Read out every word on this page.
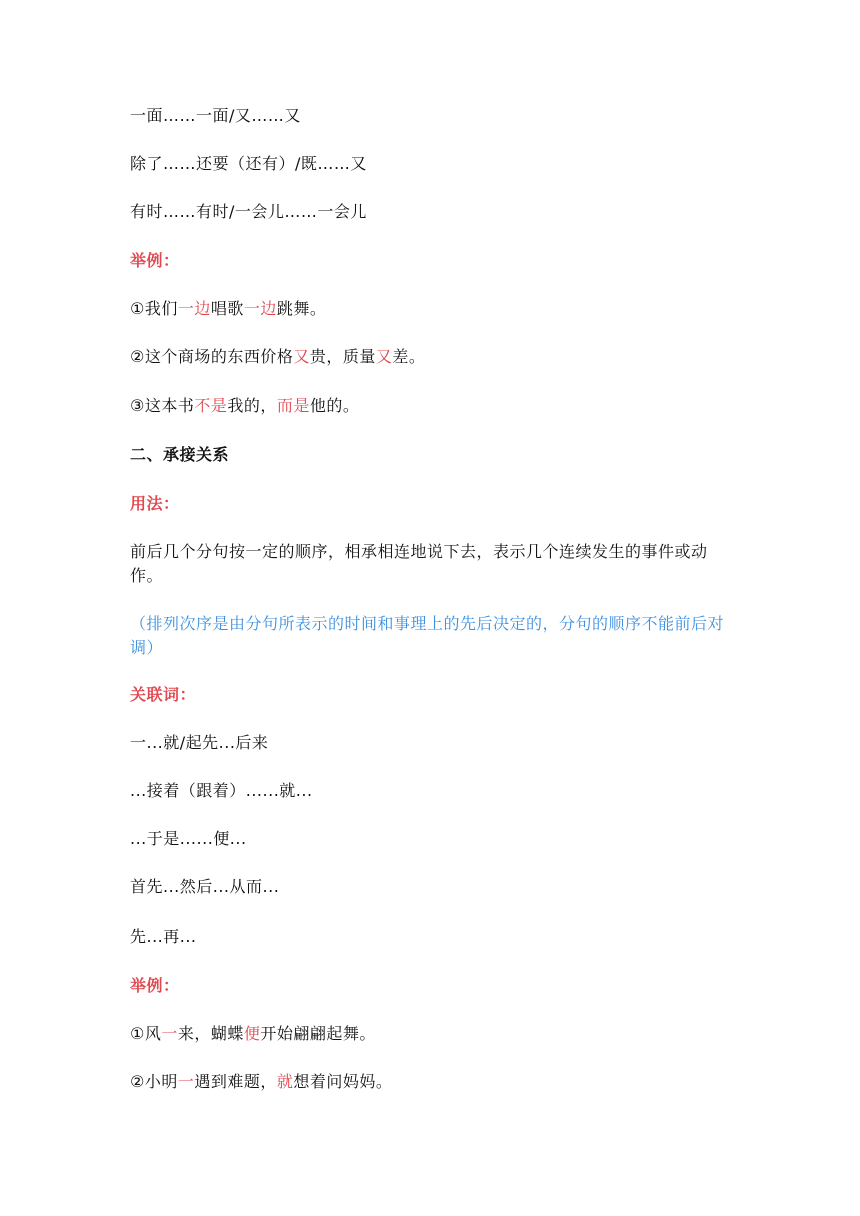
一面……一面/又……又
除了……还要（还有）/既……又
有时……有时/一会儿……一会儿
举例：
①我们一边唱歌一边跳舞。
②这个商场的东西价格又贵，质量又差。
③这本书不是我的，而是他的。
二、承接关系
用法：
前后几个分句按一定的顺序，相承相连地说下去，表示几个连续发生的事件或动作。
（排列次序是由分句所表示的时间和事理上的先后决定的，分句的顺序不能前后对调）
关联词：
一...就/起先...后来
...接着（跟着）......就...
...于是......便...
首先...然后...从而...
先...再...
举例：
①风一来，蝴蝶便开始翩翩起舞。
②小明一遇到难题，就想着问妈妈。
